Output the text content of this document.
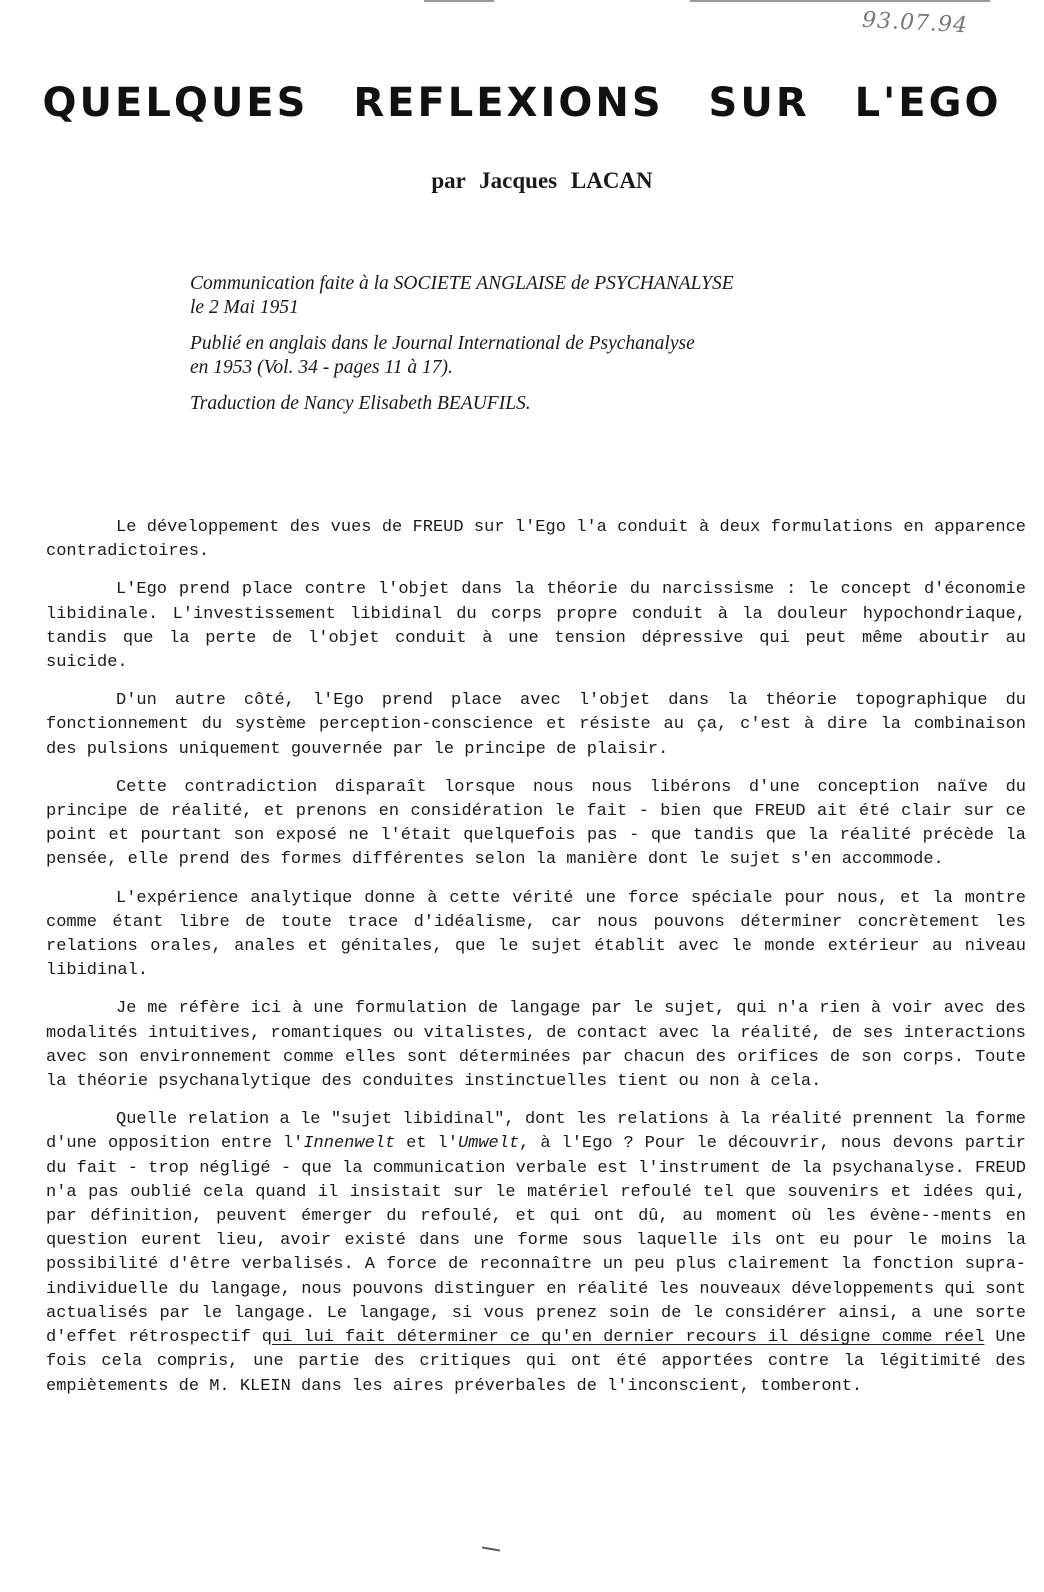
93.07.94
QUELQUES REFLEXIONS SUR L'EGO
par Jacques LACAN

Communication faite à la SOCIETE ANGLAISE de PSYCHANALYSE
le 2 Mai 1951

Publié en anglais dans le Journal International de Psychanalyse
en 1953 (Vol. 34 - pages 11 à 17).

Traduction de Nancy Elisabeth BEAUFILS.

Le développement des vues de FREUD sur l'Ego l'a conduit à deux formulations en apparence contradictoires.

L'Ego prend place contre l'objet dans la théorie du narcissisme : le concept d'économie libidinale. L'investissement libidinal du corps propre conduit à la douleur hypochondriaque, tandis que la perte de l'objet conduit à une tension dépressive qui peut même aboutir au suicide.

D'un autre côté, l'Ego prend place avec l'objet dans la théorie topographique du fonctionnement du système perception-conscience et résiste au ça, c'est à dire la combinaison des pulsions uniquement gouvernée par le principe de plaisir.

Cette contradiction disparaît lorsque nous nous libérons d'une conception naïve du principe de réalité, et prenons en considération le fait - bien que FREUD ait été clair sur ce point et pourtant son exposé ne l'était quelquefois pas - que tandis que la réalité précède la pensée, elle prend des formes différentes selon la manière dont le sujet s'en accommode.

L'expérience analytique donne à cette vérité une force spéciale pour nous, et la montre comme étant libre de toute trace d'idéalisme, car nous pouvons déterminer concrètement les relations orales, anales et génitales, que le sujet établit avec le monde extérieur au niveau libidinal.

Je me réfère ici à une formulation de langage par le sujet, qui n'a rien à voir avec des modalités intuitives, romantiques ou vitalistes, de contact avec la réalité, de ses interactions avec son environnement comme elles sont déterminées par chacun des orifices de son corps. Toute la théorie psychanalytique des conduites instinctuelles tient ou non à cela.

Quelle relation a le "sujet libidinal", dont les relations à la réalité prennent la forme d'une opposition entre l'Innenwelt et l'Umwelt, à l'Ego ? Pour le découvrir, nous devons partir du fait - trop négligé - que la communication verbale est l'instrument de la psychanalyse. FREUD n'a pas oublié cela quand il insistait sur le matériel refoulé tel que souvenirs et idées qui, par définition, peuvent émerger du refoulé, et qui ont dû, au moment où les évène--ments en question eurent lieu, avoir existé dans une forme sous laquelle ils ont eu pour le moins la possibilité d'être verbalisés. A force de reconnaître un peu plus clairement la fonction supra-individuelle du langage, nous pouvons distinguer en réalité les nouveaux développements qui sont actualisés par le langage. Le langage, si vous prenez soin de le considérer ainsi, a une sorte d'effet rétrospectif qui lui fait déterminer ce qu'en dernier recours il désigne comme réel Une fois cela compris, une partie des critiques qui ont été apportées contre la légitimité des empiètements de M. KLEIN dans les aires préverbales de l'inconscient, tomberont.
